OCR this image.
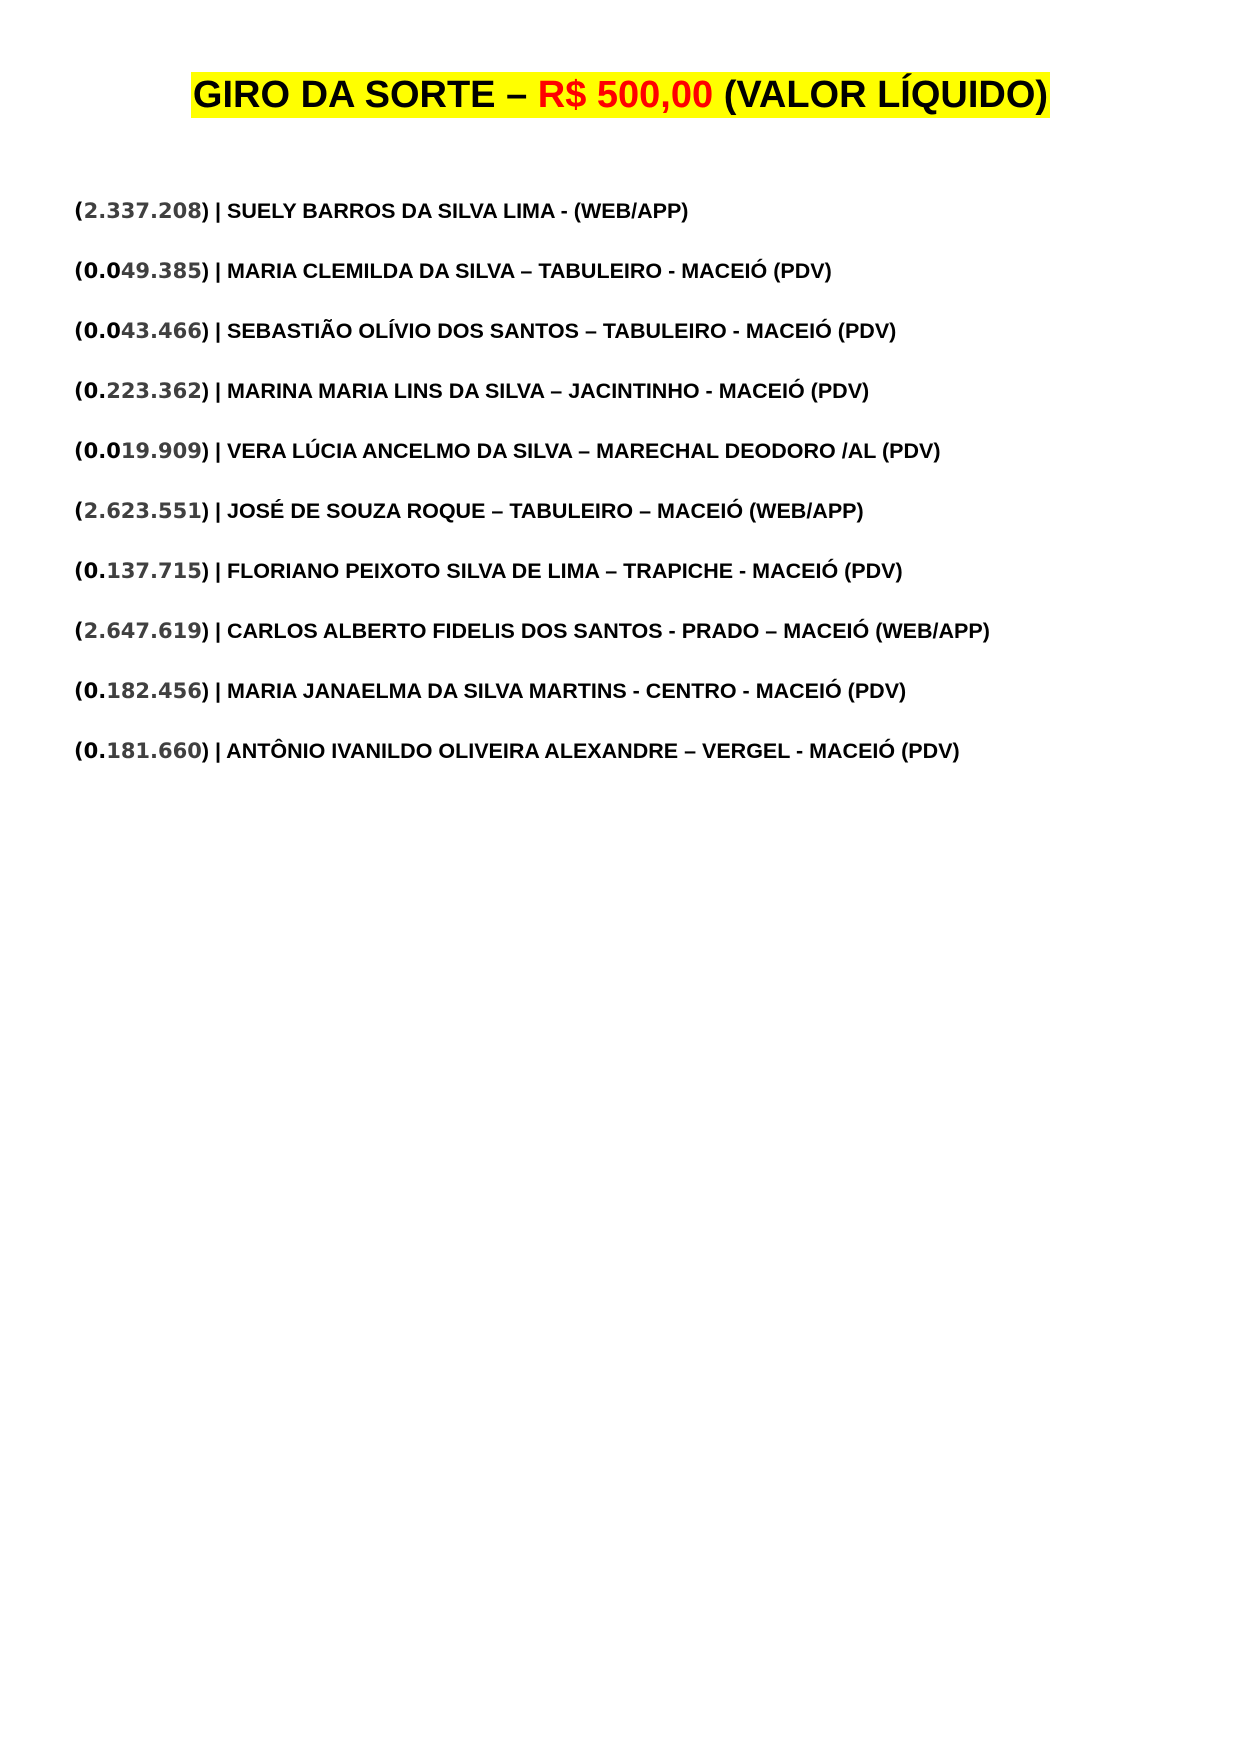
GIRO DA SORTE – R$ 500,00 (VALOR LÍQUIDO)
(2.337.208) | SUELY BARROS DA SILVA LIMA - (WEB/APP)
(0.049.385) | MARIA CLEMILDA DA SILVA – TABULEIRO - MACEIÓ (PDV)
(0.043.466) | SEBASTIÃO OLÍVIO DOS SANTOS – TABULEIRO - MACEIÓ (PDV)
(0.223.362) | MARINA MARIA LINS DA SILVA – JACINTINHO - MACEIÓ (PDV)
(0.019.909) | VERA LÚCIA ANCELMO DA SILVA – MARECHAL DEODORO /AL (PDV)
(2.623.551) | JOSÉ DE SOUZA ROQUE – TABULEIRO – MACEIÓ (WEB/APP)
(0.137.715) | FLORIANO PEIXOTO SILVA DE LIMA – TRAPICHE - MACEIÓ (PDV)
(2.647.619) | CARLOS ALBERTO FIDELIS DOS SANTOS - PRADO – MACEIÓ (WEB/APP)
(0.182.456) | MARIA JANAELMA DA SILVA MARTINS - CENTRO - MACEIÓ (PDV)
(0.181.660) | ANTÔNIO IVANILDO OLIVEIRA ALEXANDRE – VERGEL - MACEIÓ (PDV)
